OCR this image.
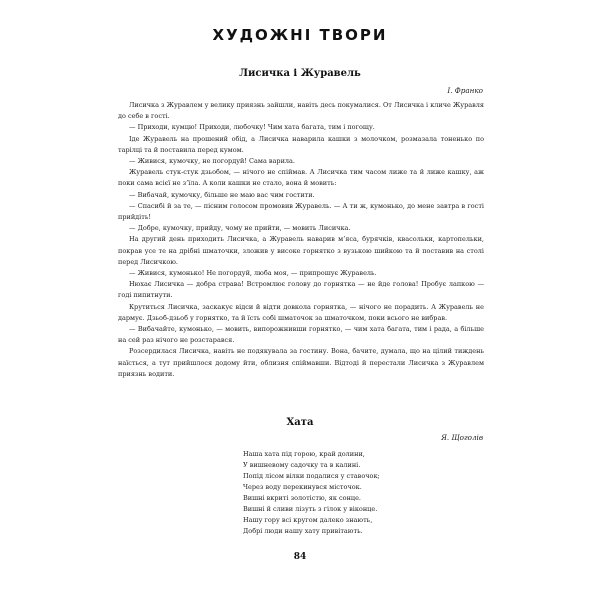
ХУДОЖНІ ТВОРИ
Лисичка і Журавель
І. Франко

Лисичка з Журавлем у велику приязнь зайшли, навіть десь покумалися. От Лисичка і кличе Журавля до себе в гості.

— Приходи, кумцю! Приходи, любочку! Чим хата багата, тим і погощу.

Іде Журавель на прошений обід, а Лисичка наварила кашки з молочком, розмазала тоненько по тарілці та й поставила перед кумом.

— Живися, кумочку, не погордуй! Сама варила.

Журавель стук-стук дзьобом, — нічого не спіймав. А Лисичка тим часом лиже та й лиже кашку, аж поки сама всієї не з’їла. А коли кашки не стало, вона й мовить:

— Вибачай, кумочку, більше не маю вас чим гостити.

— Спасибі й за те, — пісним голосом промовив Журавель. — А ти ж, кумонько, до мене завтра в гості прийдіть!

— Добре, кумочку, прийду, чому не прийти, — мовить Лисичка.

На другий день приходить Лисичка, а Журавель наварив м’яса, бурячків, квасольки, картопельки, покрав усе те на дрібні шматочки, зложив у високе горнятко з вузькою шийкою та й поставив на столі перед Лисичкою.

— Живися, кумонько! Не погордуй, люба моя, — припрошує Журавель.

Нюхає Лисичка — добра страва! Встромлює голову до горнятка — не йде голова! Пробує лапкою — годі пипитнути.

Крутиться Лисичка, заскакує відси й відти довкола горнятка, — нічого не порадить. А Журавель не дармує. Дзьоб-дзьоб у горнятко, та й їсть собі шматочок за шматочком, поки всього не вибрав.

— Вибачайте, кумонько, — мовить, випорожнивши горнятко, — чим хата багата, тим і рада, а більше на сей раз нічого не розстарався.

Розсердилася Лисичка, навіть не подякувала за гостину. Вона, бачите, думала, що на цілий тиждень наїсться, а тут прийшлося додому йти, облизня спіймавши. Відтоді й перестали Лисичка з Журавлем приязнь водити.

Хата
Я. Щоголів
Наша хата під горою, край долини,
У вишневому садочку та в калині.
Попід лісом вілки подалися у ставочок;
Через воду перекинувся місточок.
Вишні вкриті золотістю, як сонце.
Вишні й сливи лізуть з гілок у віконце.
Нашу гору всі кругом далеко знають,
Добрі люди нашу хату привітають.
84
